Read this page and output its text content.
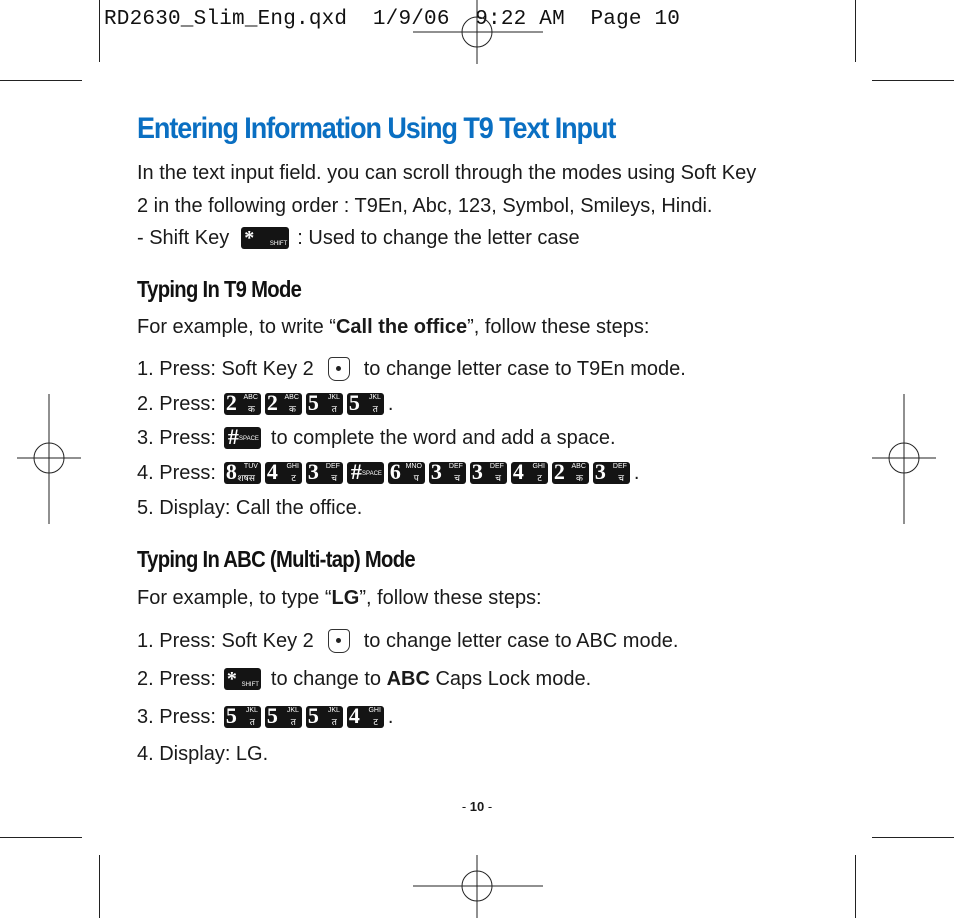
RD2630_Slim_Eng.qxd  1/9/06  9:22 AM  Page 10
Entering Information Using T9 Text Input

In the text input field. you can scroll through the modes using Soft Key

2 in the following order : T9En, Abc, 123, Symbol, Smileys, Hindi.

- Shift Key *	SHIFT : Used to change the letter case
Typing In T9 Mode
For example, to write “ Call the office ”, follow these steps:
1. Press: Soft Key 2	to change letter case to T9En mode.
2. Press: 2 ABC
क 2 ABC
क 5 JKL
त 5 JKL
त .
3. Press: # SPACE to complete the word and add a space.
4. Press: 8 TUV
शषस 4 GHI
ट 3 DEF
च # SPACE 6 MNO
प 3 DEF
च 3 DEF
च 4 GHI
ट 2 ABC
क 3 DEF
च .
5. Display: Call the office.
Typing In ABC (Multi-tap) Mode
For example, to type “ LG ”, follow these steps:
1. Press: Soft Key 2	to change letter case to ABC mode.
2. Press: * SHIFT to change to
ABC
Caps Lock mode.
3. Press: 5 JKL
त 5 JKL
त 5 JKL
त 4 GHI
ट .
4. Display: LG.
- 10 -
